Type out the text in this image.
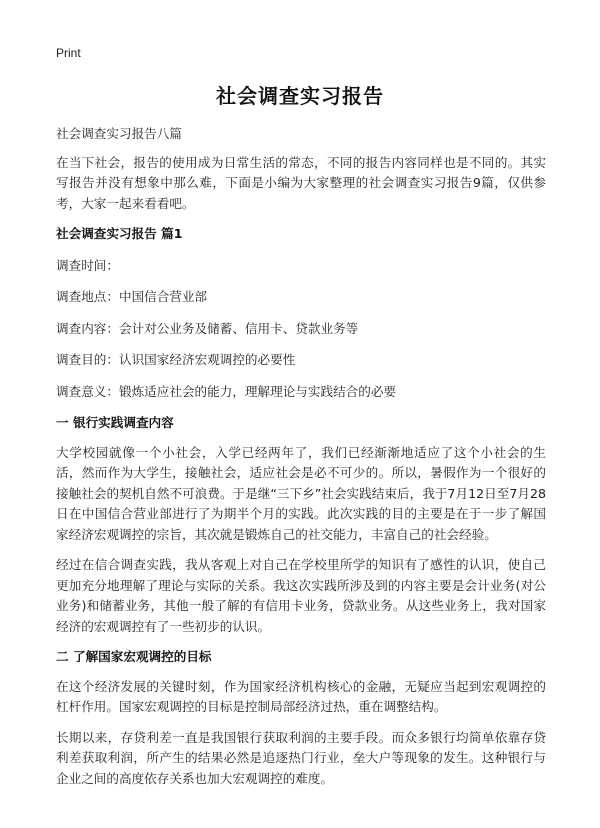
Print
社会调查实习报告

社会调查实习报告八篇

在当下社会，报告的使用成为日常生活的常态，不同的报告内容同样也是不同的。其实写报告并没有想象中那么难，下面是小编为大家整理的社会调查实习报告9篇，仅供参考，大家一起来看看吧。

社会调查实习报告 篇1

调查时间：

调查地点：中国信合营业部

调查内容：会计对公业务及储蓄、信用卡、贷款业务等

调查目的：认识国家经济宏观调控的必要性

调查意义：锻炼适应社会的能力，理解理论与实践结合的必要

一 银行实践调查内容

大学校园就像一个小社会，入学已经两年了，我们已经渐渐地适应了这个小社会的生活，然而作为大学生，接触社会，适应社会是必不可少的。所以，暑假作为一个很好的接触社会的契机自然不可浪费。于是继“三下乡”社会实践结束后，我于7月12日至7月28日在中国信合营业部进行了为期半个月的实践。此次实践的目的主要是在于一步了解国家经济宏观调控的宗旨，其次就是锻炼自己的社交能力，丰富自己的社会经验。

经过在信合调查实践，我从客观上对自己在学校里所学的知识有了感性的认识，使自己更加充分地理解了理论与实际的关系。我这次实践所涉及到的内容主要是会计业务(对公业务)和储蓄业务，其他一般了解的有信用卡业务，贷款业务。从这些业务上，我对国家经济的宏观调控有了一些初步的认识。

二 了解国家宏观调控的目标

在这个经济发展的关键时刻，作为国家经济机构核心的金融，无疑应当起到宏观调控的杠杆作用。国家宏观调控的目标是控制局部经济过热，重在调整结构。

长期以来，存贷利差一直是我国银行获取利润的主要手段。而众多银行均简单依靠存贷利差获取利润，所产生的结果必然是追逐热门行业，垒大户等现象的发生。这种银行与企业之间的高度依存关系也加大宏观调控的难度。
